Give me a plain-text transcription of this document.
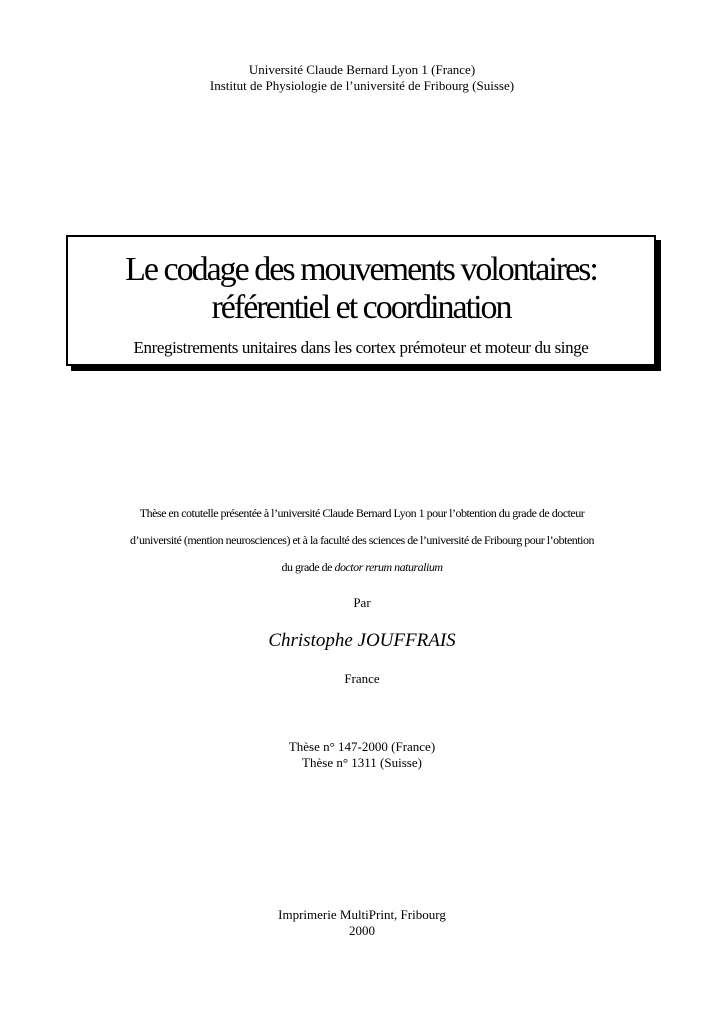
Université Claude Bernard Lyon 1 (France)
Institut de Physiologie de l’université de Fribourg (Suisse)
Le codage des mouvements volontaires:
référentiel et coordination
Enregistrements unitaires dans les cortex prémoteur et moteur du singe
Thèse en cotutelle présentée à l’université Claude Bernard Lyon 1 pour l’obtention du grade de docteur
d’université (mention neurosciences) et à la faculté des sciences de l’université de Fribourg pour l’obtention
du grade de doctor rerum naturalium
Par
Christophe JOUFFRAIS
France
Thèse n° 147-2000 (France)
Thèse n° 1311 (Suisse)
Imprimerie MultiPrint, Fribourg
2000
